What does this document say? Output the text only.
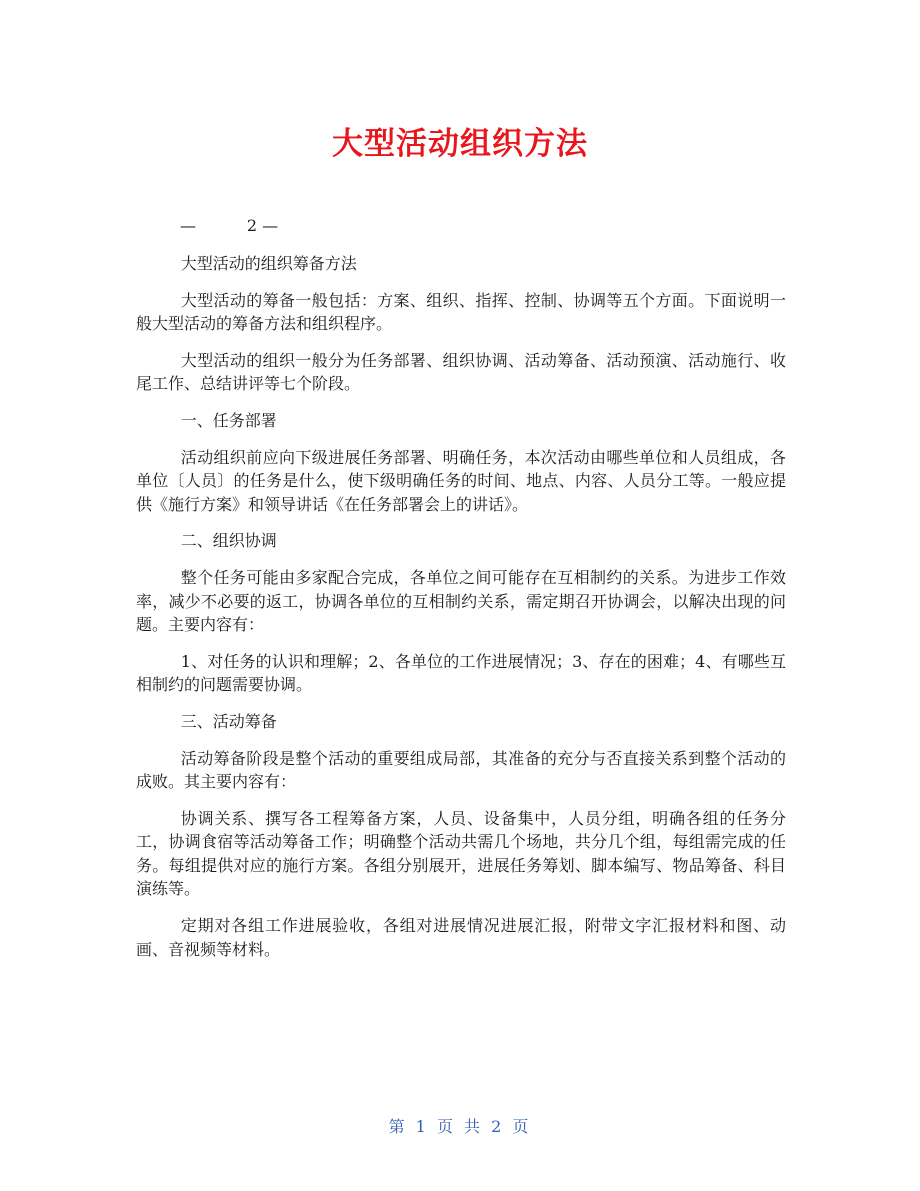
大型活动组织方法
—          2 —

大型活动的组织筹备方法

大型活动的筹备一般包括：方案、组织、指挥、控制、协调等五个方面。下面说明一般大型活动的筹备方法和组织程序。

大型活动的组织一般分为任务部署、组织协调、活动筹备、活动预演、活动施行、收尾工作、总结讲评等七个阶段。

一、任务部署

活动组织前应向下级进展任务部署、明确任务，本次活动由哪些单位和人员组成，各单位〔人员〕的任务是什么，使下级明确任务的时间、地点、内容、人员分工等。一般应提供《施行方案》和领导讲话《在任务部署会上的讲话》。

二、组织协调

整个任务可能由多家配合完成，各单位之间可能存在互相制约的关系。为进步工作效率，减少不必要的返工，协调各单位的互相制约关系，需定期召开协调会，以解决出现的问题。主要内容有：

1、对任务的认识和理解；2、各单位的工作进展情况；3、存在的困难；4、有哪些互相制约的问题需要协调。

三、活动筹备

活动筹备阶段是整个活动的重要组成局部，其准备的充分与否直接关系到整个活动的成败。其主要内容有：

协调关系、撰写各工程筹备方案，人员、设备集中，人员分组，明确各组的任务分工，协调食宿等活动筹备工作；明确整个活动共需几个场地，共分几个组，每组需完成的任务。每组提供对应的施行方案。各组分别展开，进展任务筹划、脚本编写、物品筹备、科目演练等。

定期对各组工作进展验收，各组对进展情况进展汇报，附带文字汇报材料和图、动画、音视频等材料。

第 1 页 共 2 页
